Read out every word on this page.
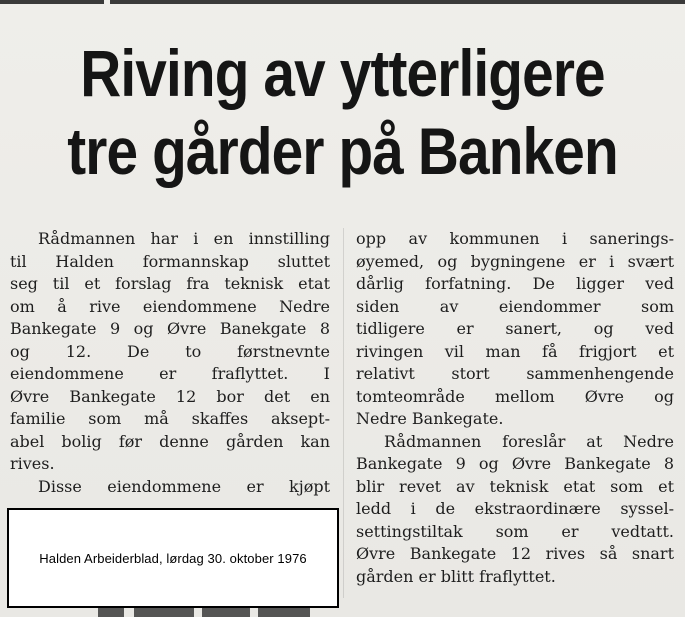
Riving av ytterligere
tre gårder på Banken
Rådmannen har i en innstilling
til Halden formannskap sluttet
seg til et forslag fra teknisk etat
om å rive eiendommene Nedre
Bankegate 9 og Øvre Banekgate 8
og 12. De to førstnevnte
eiendommene er fraflyttet. I
Øvre Bankegate 12 bor det en
familie som må skaffes aksept-
abel bolig før denne gården kan
rives.
Disse eiendommene er kjøpt
opp av kommunen i sanerings-
øyemed, og bygningene er i svært
dårlig forfatning. De ligger ved
siden av eiendommer som
tidligere er sanert, og ved
rivingen vil man få frigjort et
relativt stort sammenhengende
tomteområde mellom Øvre og
Nedre Bankegate.
Rådmannen foreslår at Nedre
Bankegate 9 og Øvre Bankegate 8
blir revet av teknisk etat som et
ledd i de ekstraordinære syssel-
settingstiltak som er vedtatt.
Øvre Bankegate 12 rives så snart
gården er blitt fraflyttet.
Halden Arbeiderblad, lørdag 30. oktober 1976
